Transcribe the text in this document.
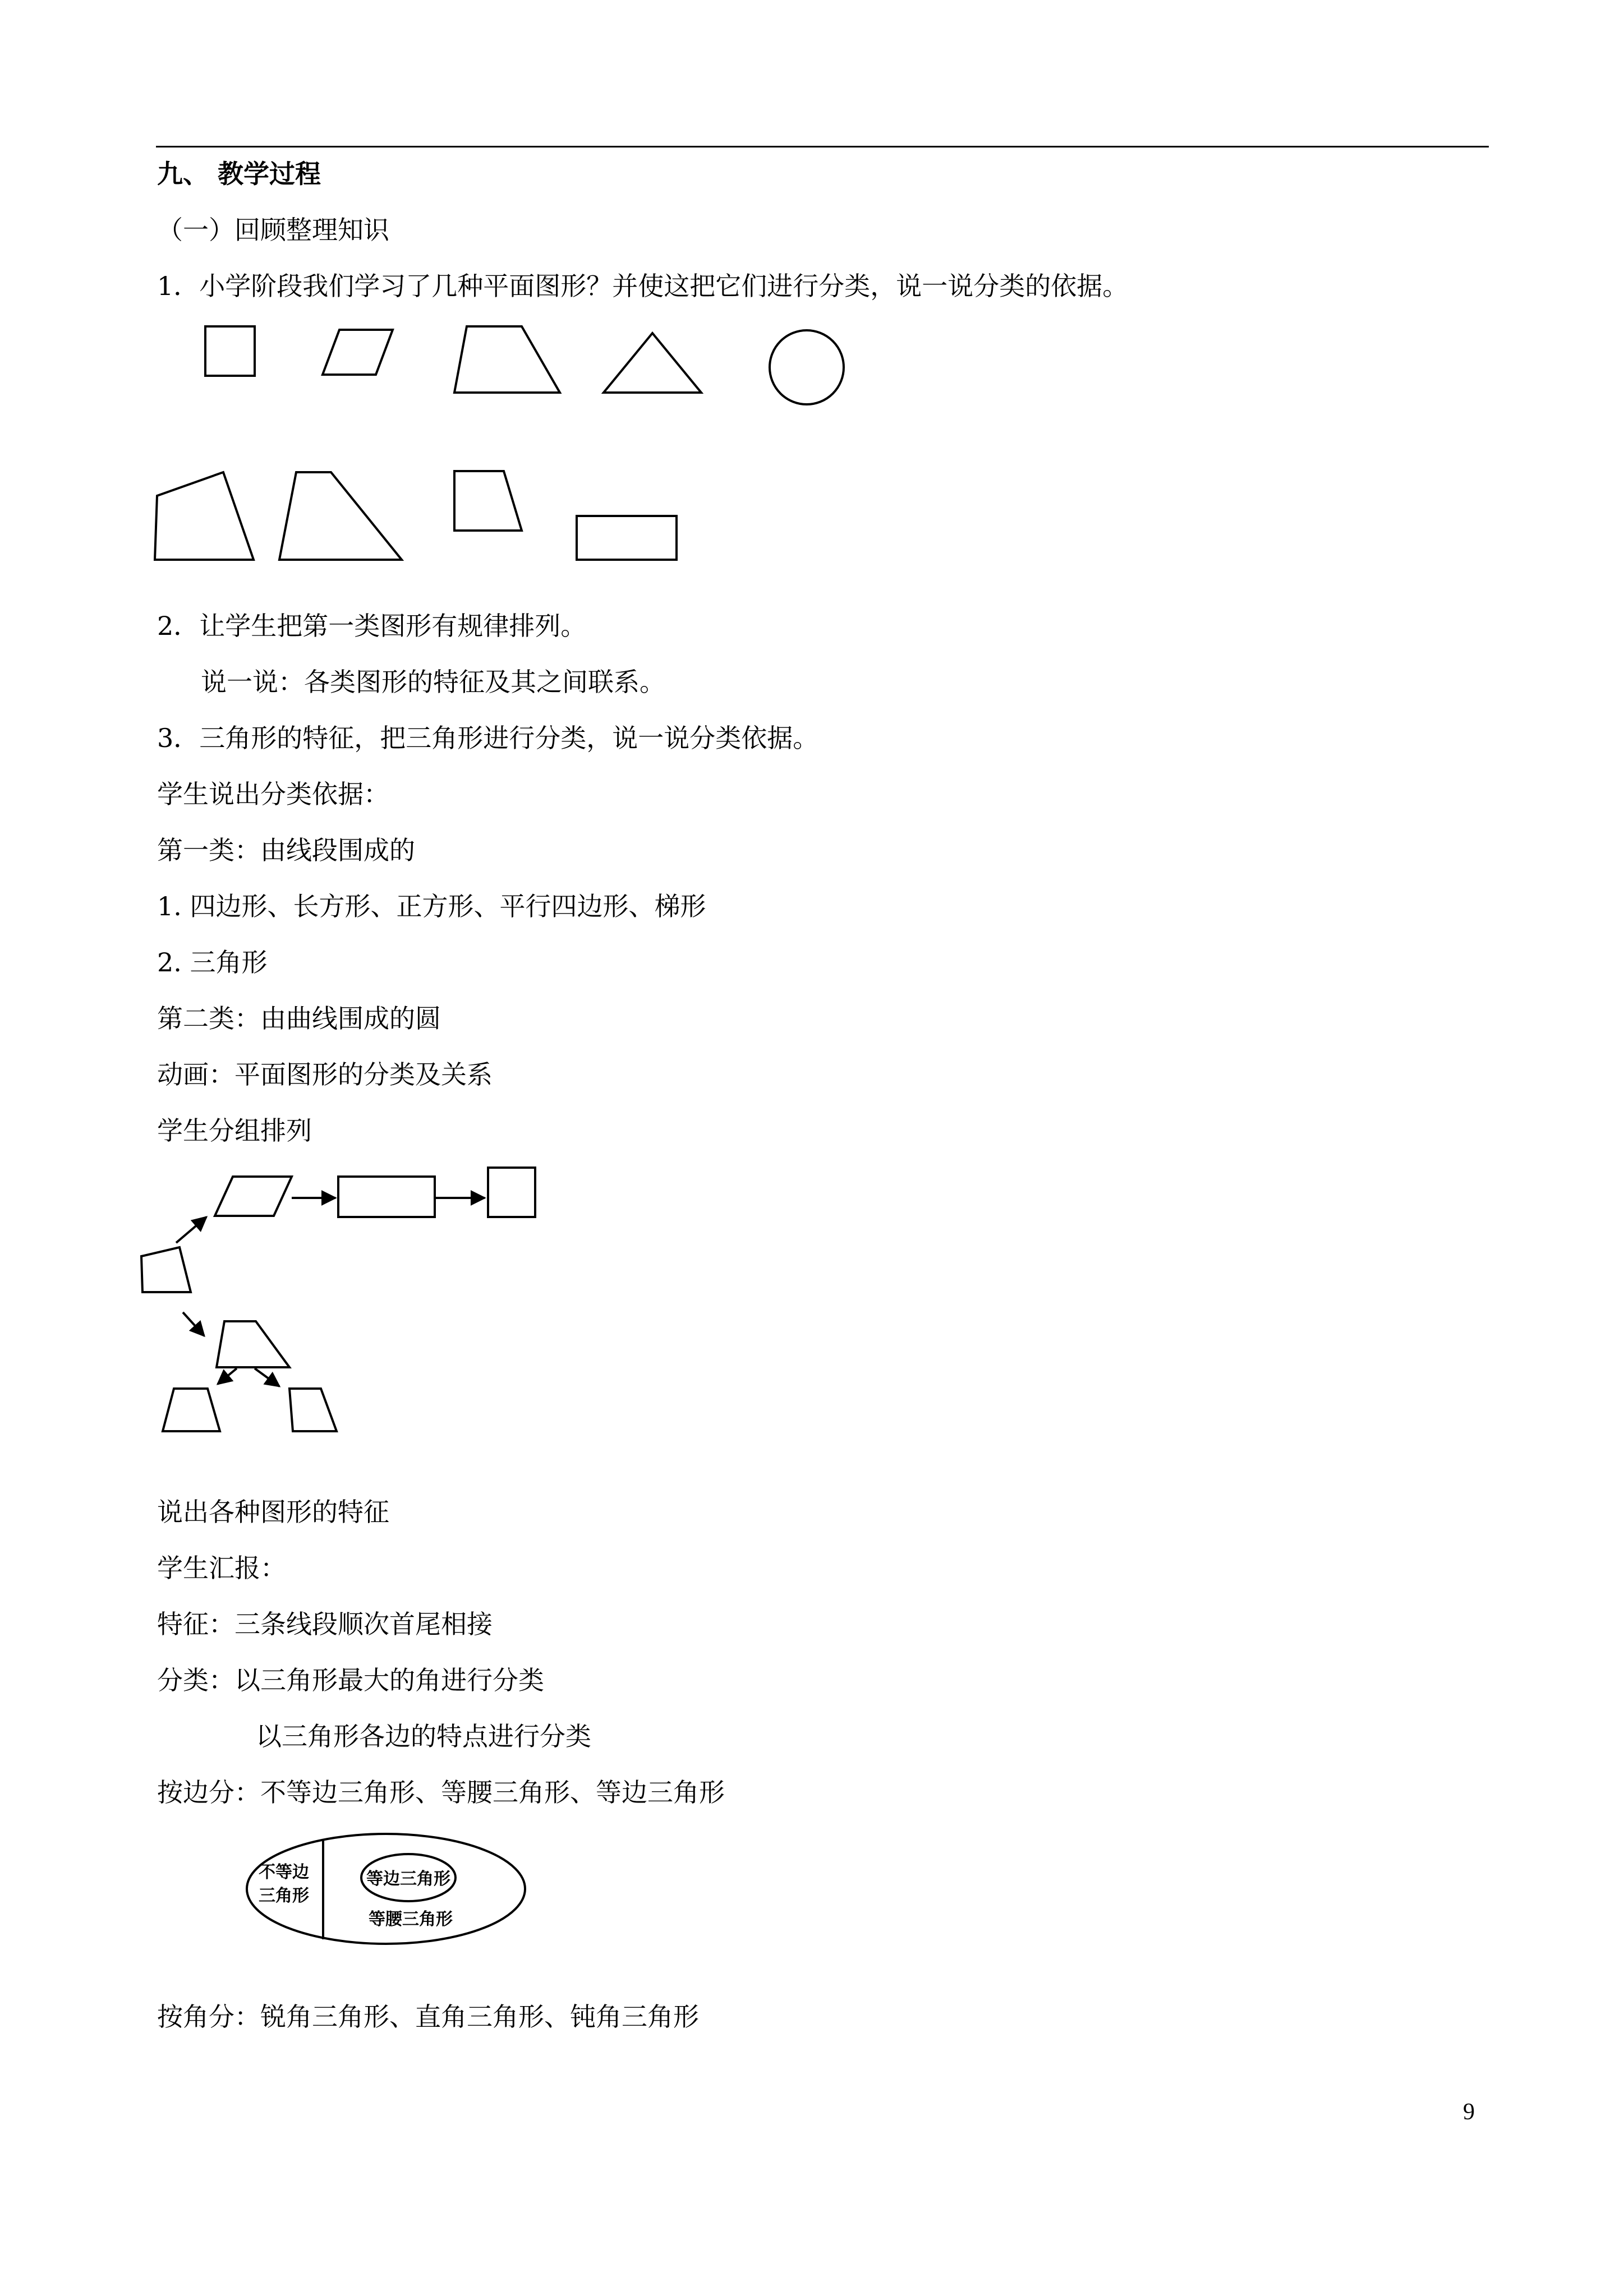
九、 教学过程
（一）回顾整理知识
1．小学阶段我们学习了几种平面图形？并使这把它们进行分类，说一说分类的依据。
2．让学生把第一类图形有规律排列。
说一说：各类图形的特征及其之间联系。
3．三角形的特征，把三角形进行分类，说一说分类依据。
学生说出分类依据：
第一类：由线段围成的
1. 四边形、长方形、正方形、平行四边形、梯形
2. 三角形
第二类：由曲线围成的圆
动画：平面图形的分类及关系
学生分组排列
说出各种图形的特征
学生汇报：
特征：三条线段顺次首尾相接
分类：以三角形最大的角进行分类
以三角形各边的特点进行分类
按边分：不等边三角形、等腰三角形、等边三角形
不等边
三角形
等边三角形
等腰三角形
按角分：锐角三角形、直角三角形、钝角三角形
9
